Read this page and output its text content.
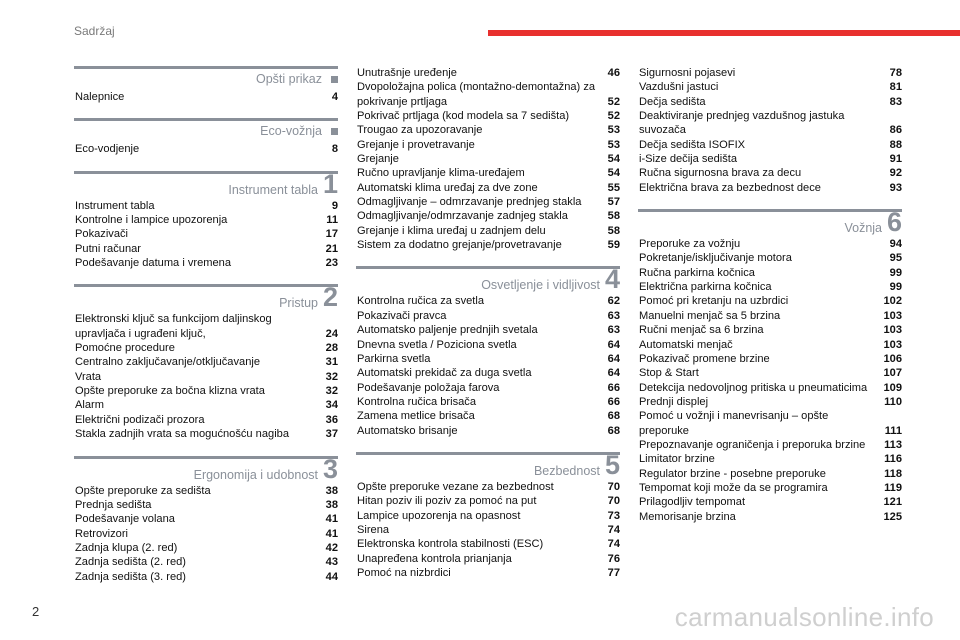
Sadržaj
Opšti prikaz
Nalepnice	4
Eco-vožnja
Eco-vodjenje	8
Instrument tabla 1
Instrument tabla	9
Kontrolne i lampice upozorenja	11
Pokazivači	17
Putni računar	21
Podešavanje datuma i vremena	23
Pristup 2
Elektronski ključ sa funkcijom daljinskog upravljača i ugrađeni ključ,	24
Pomoćne procedure	28
Centralno zaključavanje/otključavanje	31
Vrata	32
Opšte preporuke za bočna klizna vrata	32
Alarm	34
Električni podizači prozora	36
Stakla zadnjih vrata sa mogućnošću nagiba	37
Ergonomija i udobnost 3
Opšte preporuke za sedišta	38
Prednja sedišta	38
Podešavanje volana	41
Retrovizori	41
Zadnja klupa (2. red)	42
Zadnja sedišta (2. red)	43
Zadnja sedišta (3. red)	44
Unutrašnje uređenje	46
Dvopoložajna polica (montažno-demontažna) za pokrivanje prtljaga	52
Pokrivač prtljaga (kod modela sa 7 sedišta)	52
Trougao za upozoravanje	53
Grejanje i provetravanje	53
Grejanje	54
Ručno upravljanje klima-uređajem	54
Automatski klima uređaj za dve zone	55
Odmagljivanje – odmrzavanje prednjeg stakla	57
Odmagljivanje/odmrzavanje zadnjeg stakla	58
Grejanje i klima uređaj u zadnjem delu	58
Sistem za dodatno grejanje/provetravanje	59
Osvetljenje i vidljivost 4
Kontrolna ručica za svetla	62
Pokazivači pravca	63
Automatsko paljenje prednjih svetala	63
Dnevna svetla / Poziciona svetla	64
Parkirna svetla	64
Automatski prekidač za duga svetla	64
Podešavanje položaja farova	66
Kontrolna ručica brisača	66
Zamena metlice brisača	68
Automatsko brisanje	68
Bezbednost 5
Opšte preporuke vezane za bezbednost	70
Hitan poziv ili poziv za pomoć na put	70
Lampice upozorenja na opasnost	73
Sirena	74
Elektronska kontrola stabilnosti (ESC)	74
Unapređena kontrola prianjanja	76
Pomoć na nizbrdici	77
Sigurnosni pojasevi	78
Vazdušni jastuci	81
Dečja sedišta	83
Deaktiviranje prednjeg vazdušnog jastuka suvozača	86
Dečja sedišta ISOFIX	88
i-Size dečija sedišta	91
Ručna sigurnosna brava za decu	92
Električna brava za bezbednost dece	93
Vožnja 6
Preporuke za vožnju	94
Pokretanje/isključivanje motora	95
Ručna parkirna kočnica	99
Električna parkirna kočnica	99
Pomoć pri kretanju na uzbrdici	102
Manuelni menjač sa 5 brzina	103
Ručni menjač sa 6 brzina	103
Automatski menjač	103
Pokazivač promene brzine	106
Stop & Start	107
Detekcija nedovoljnog pritiska u pneumaticima	109
Prednji displej	110
Pomoć u vožnji i manevrisanju – opšte preporuke	111
Prepoznavanje ograničenja i preporuka brzine	113
Limitator brzine	116
Regulator brzine - posebne preporuke	118
Tempomat koji može da se programira	119
Prilagodljiv tempomat	121
Memorisanje brzina	125
2	carmanualsonline.info
